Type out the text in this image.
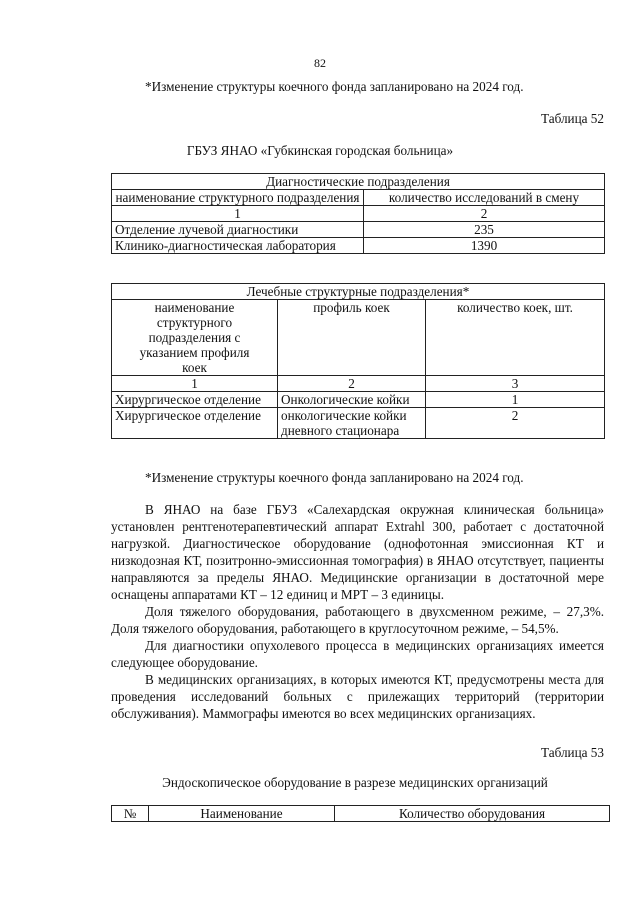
82
*Изменение структуры коечного фонда запланировано на 2024 год.
Таблица 52
ГБУЗ ЯНАО «Губкинская городская больница»
Диагностические подразделения	
наименование структурного подразделения	количество исследований в смену
1	2
Отделение лучевой диагностики	235
Клинико-диагностическая лаборатория	1390
Лечебные структурные подразделения*		
наименование структурного подразделения с указанием профиля коек	профиль коек	количество коек, шт.
1	2	3
Хирургическое отделение	Онкологические койки	1
Хирургическое отделение	онкологические койки дневного стационара	2
*Изменение структуры коечного фонда запланировано на 2024 год.

В ЯНАО на базе ГБУЗ «Салехардская окружная клиническая больница» установлен рентгенотерапевтический аппарат Extrahl 300, работает с достаточной нагрузкой. Диагностическое оборудование (однофотонная эмиссионная КТ и низкодозная КТ, позитронно-эмиссионная томография) в ЯНАО отсутствует, пациенты направляются за пределы ЯНАО. Медицинские организации в достаточной мере оснащены аппаратами КТ – 12 единиц и МРТ – 3 единицы.

Доля тяжелого оборудования, работающего в двухсменном режиме, – 27,3%. Доля тяжелого оборудования, работающего в круглосуточном режиме, – 54,5%.

Для диагностики опухолевого процесса в медицинских организациях имеется следующее оборудование.

В медицинских организациях, в которых имеются КТ, предусмотрены места для проведения исследований больных с прилежащих территорий (территории обслуживания). Маммографы имеются во всех медицинских организациях.

Таблица 53
Эндоскопическое оборудование в разрезе медицинских организаций
№	Наименование	Количество оборудования
